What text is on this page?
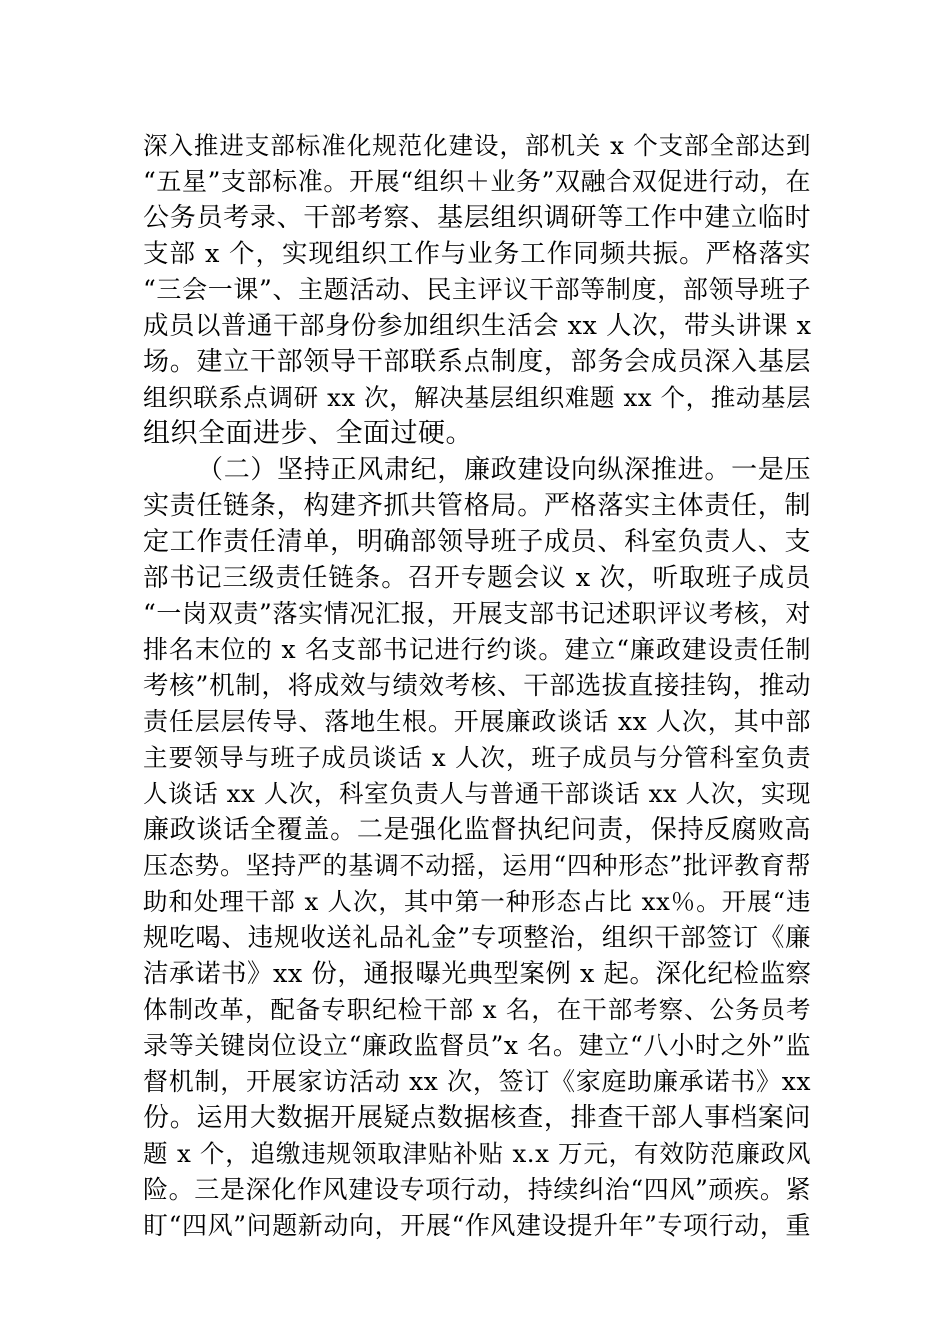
深入推进支部标准化规范化建设，部机关 x 个支部全部达到
“五星”支部标准。开展“组织＋业务”双融合双促进行动，在
公务员考录、干部考察、基层组织调研等工作中建立临时
支部 x 个，实现组织工作与业务工作同频共振。严格落实
“三会一课”、主题活动、民主评议干部等制度，部领导班子
成员以普通干部身份参加组织生活会 xx 人次，带头讲课 x
场。建立干部领导干部联系点制度，部务会成员深入基层
组织联系点调研 xx 次，解决基层组织难题 xx 个，推动基层
组织全面进步、全面过硬。
（二）坚持正风肃纪，廉政建设向纵深推进。一是压
实责任链条，构建齐抓共管格局。严格落实主体责任，制
定工作责任清单，明确部领导班子成员、科室负责人、支
部书记三级责任链条。召开专题会议 x 次，听取班子成员
“一岗双责”落实情况汇报，开展支部书记述职评议考核，对
排名末位的 x 名支部书记进行约谈。建立“廉政建设责任制
考核”机制，将成效与绩效考核、干部选拔直接挂钩，推动
责任层层传导、落地生根。开展廉政谈话 xx 人次，其中部
主要领导与班子成员谈话 x 人次，班子成员与分管科室负责
人谈话 xx 人次，科室负责人与普通干部谈话 xx 人次，实现
廉政谈话全覆盖。二是强化监督执纪问责，保持反腐败高
压态势。坚持严的基调不动摇，运用“四种形态”批评教育帮
助和处理干部 x 人次，其中第一种形态占比 xx％。开展“违
规吃喝、违规收送礼品礼金”专项整治，组织干部签订《廉
洁承诺书》xx 份，通报曝光典型案例 x 起。深化纪检监察
体制改革，配备专职纪检干部 x 名，在干部考察、公务员考
录等关键岗位设立“廉政监督员”x 名。建立“八小时之外”监
督机制，开展家访活动 xx 次，签订《家庭助廉承诺书》xx
份。运用大数据开展疑点数据核查，排查干部人事档案问
题 x 个，追缴违规领取津贴补贴 x.x 万元，有效防范廉政风
险。三是深化作风建设专项行动，持续纠治“四风”顽疾。紧
盯“四风”问题新动向，开展“作风建设提升年”专项行动，重
